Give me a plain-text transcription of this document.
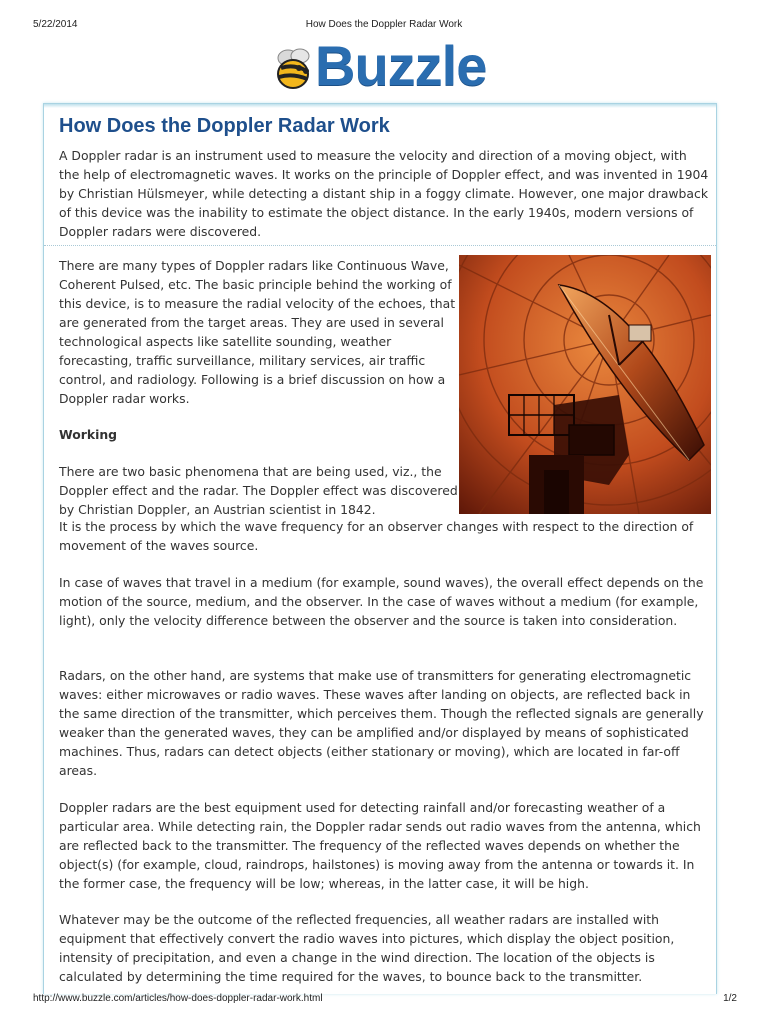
5/22/2014	How Does the Doppler Radar Work
Buzzle
How Does the Doppler Radar Work

A Doppler radar is an instrument used to measure the velocity and direction of a moving object, with the help of electromagnetic waves. It works on the principle of Doppler effect, and was invented in 1904 by Christian Hülsmeyer, while detecting a distant ship in a foggy climate. However, one major drawback of this device was the inability to estimate the object distance. In the early 1940s, modern versions of Doppler radars were discovered.

There are many types of Doppler radars like Continuous Wave, Coherent Pulsed, etc. The basic principle behind the working of this device, is to measure the radial velocity of the echoes, that are generated from the target areas. They are used in several technological aspects like satellite sounding, weather forecasting, traffic surveillance, military services, air traffic control, and radiology. Following is a brief discussion on how a Doppler radar works.

Working

There are two basic phenomena that are being used, viz., the Doppler effect and the radar. The Doppler effect was discovered by Christian Doppler, an Austrian scientist in 1842.

It is the process by which the wave frequency for an observer changes with respect to the direction of movement of the waves source.

In case of waves that travel in a medium (for example, sound waves), the overall effect depends on the motion of the source, medium, and the observer. In the case of waves without a medium (for example, light), only the velocity difference between the observer and the source is taken into consideration.

Radars, on the other hand, are systems that make use of transmitters for generating electromagnetic waves: either microwaves or radio waves. These waves after landing on objects, are reflected back in the same direction of the transmitter, which perceives them. Though the reflected signals are generally weaker than the generated waves, they can be amplified and/or displayed by means of sophisticated machines. Thus, radars can detect objects (either stationary or moving), which are located in far-off areas.

Doppler radars are the best equipment used for detecting rainfall and/or forecasting weather of a particular area. While detecting rain, the Doppler radar sends out radio waves from the antenna, which are reflected back to the transmitter. The frequency of the reflected waves depends on whether the object(s) (for example, cloud, raindrops, hailstones) is moving away from the antenna or towards it. In the former case, the frequency will be low; whereas, in the latter case, it will be high.

Whatever may be the outcome of the reflected frequencies, all weather radars are installed with equipment that effectively convert the radio waves into pictures, which display the object position, intensity of precipitation, and even a change in the wind direction. The location of the objects is calculated by determining the time required for the waves, to bounce back to the transmitter.

http://www.buzzle.com/articles/how-does-doppler-radar-work.html	1/2
